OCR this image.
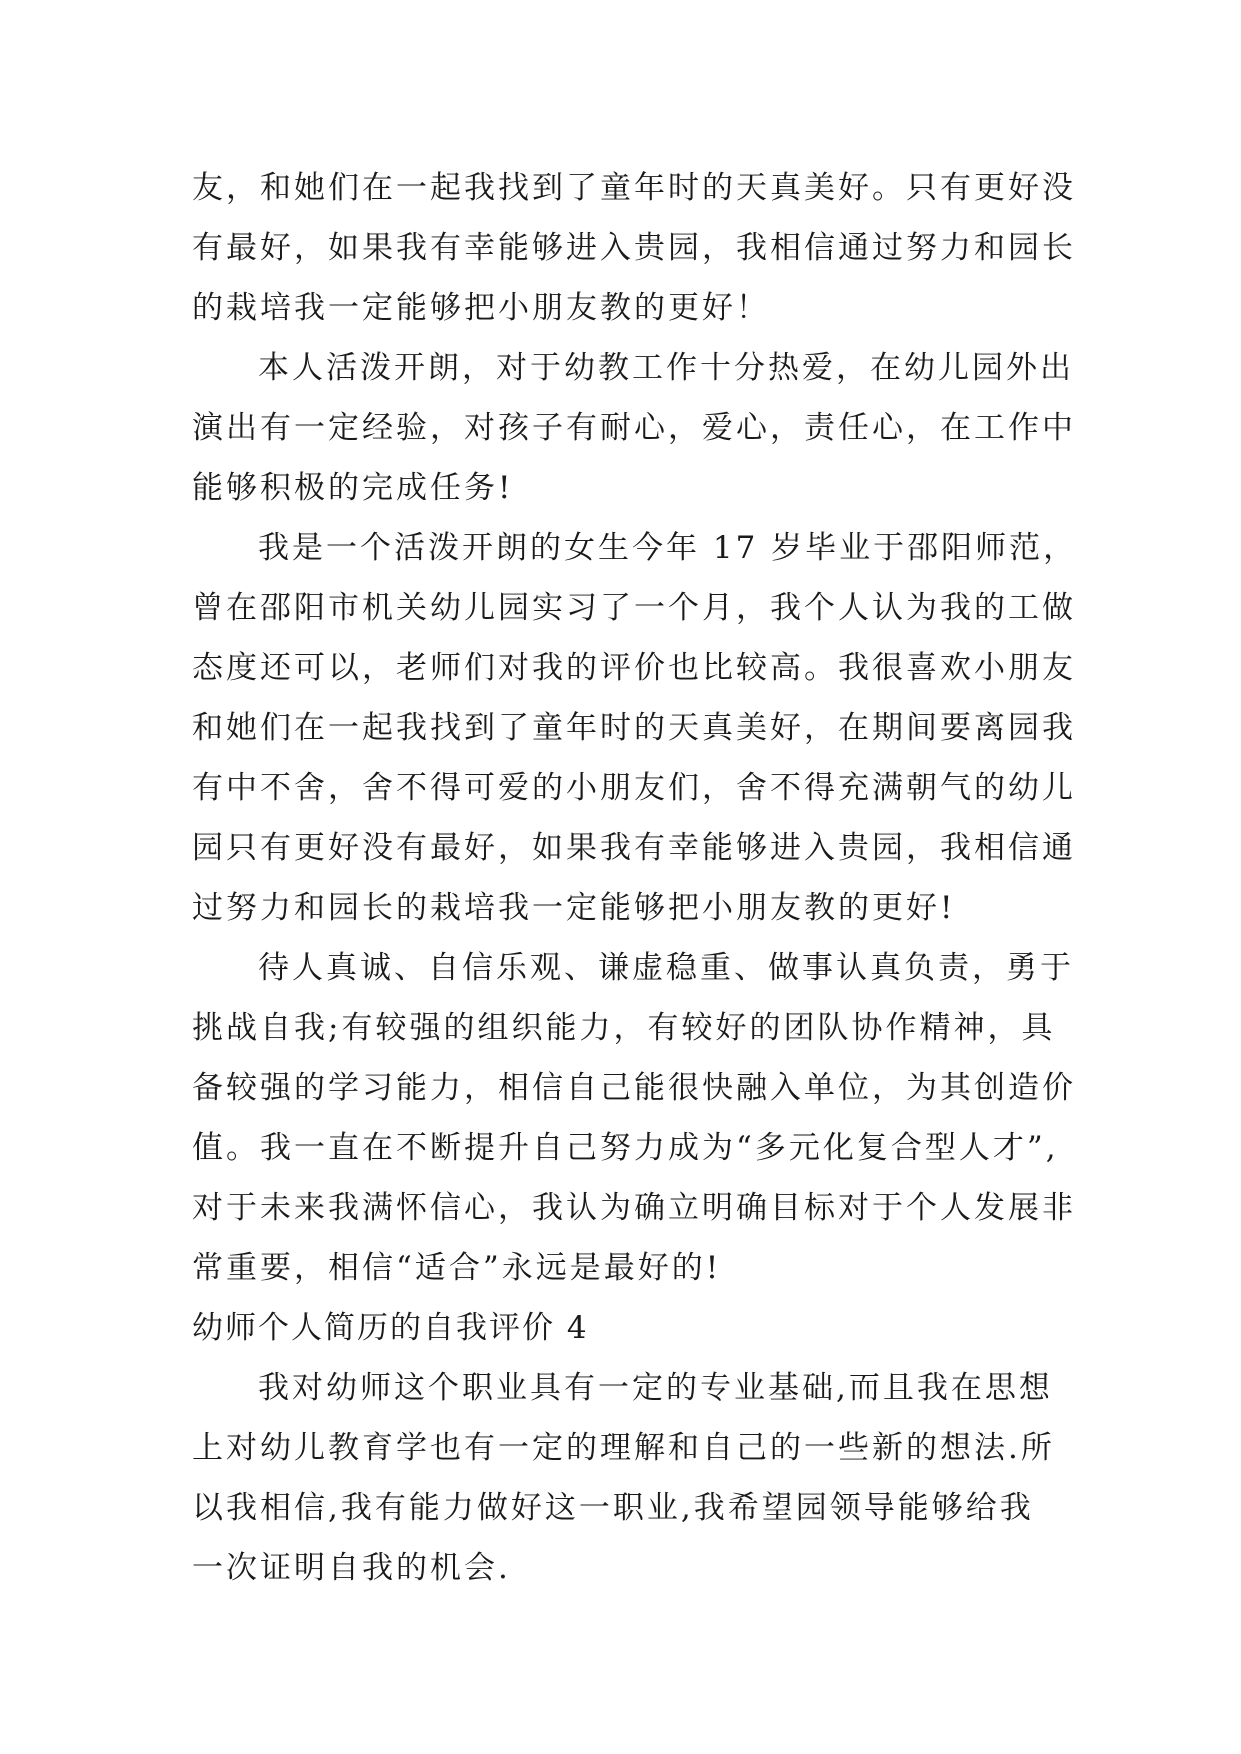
友，和她们在一起我找到了童年时的天真美好。只有更好没
有最好，如果我有幸能够进入贵园，我相信通过努力和园长
的栽培我一定能够把小朋友教的更好！
本人活泼开朗，对于幼教工作十分热爱，在幼儿园外出
演出有一定经验，对孩子有耐心，爱心，责任心，在工作中
能够积极的完成任务!
我是一个活泼开朗的女生今年 17 岁毕业于邵阳师范，
曾在邵阳市机关幼儿园实习了一个月，我个人认为我的工做
态度还可以，老师们对我的评价也比较高。我很喜欢小朋友
和她们在一起我找到了童年时的天真美好，在期间要离园我
有中不舍，舍不得可爱的小朋友们，舍不得充满朝气的幼儿
园只有更好没有最好，如果我有幸能够进入贵园，我相信通
过努力和园长的栽培我一定能够把小朋友教的更好!
待人真诚、自信乐观、谦虚稳重、做事认真负责，勇于
挑战自我;有较强的组织能力，有较好的团队协作精神，具
备较强的学习能力，相信自己能很快融入单位，为其创造价
值。我一直在不断提升自己努力成为“多元化复合型人才”,
对于未来我满怀信心，我认为确立明确目标对于个人发展非
常重要，相信“适合”永远是最好的!
幼师个人简历的自我评价 4
我对幼师这个职业具有一定的专业基础,而且我在思想
上对幼儿教育学也有一定的理解和自己的一些新的想法.所
以我相信,我有能力做好这一职业,我希望园领导能够给我
一次证明自我的机会.
